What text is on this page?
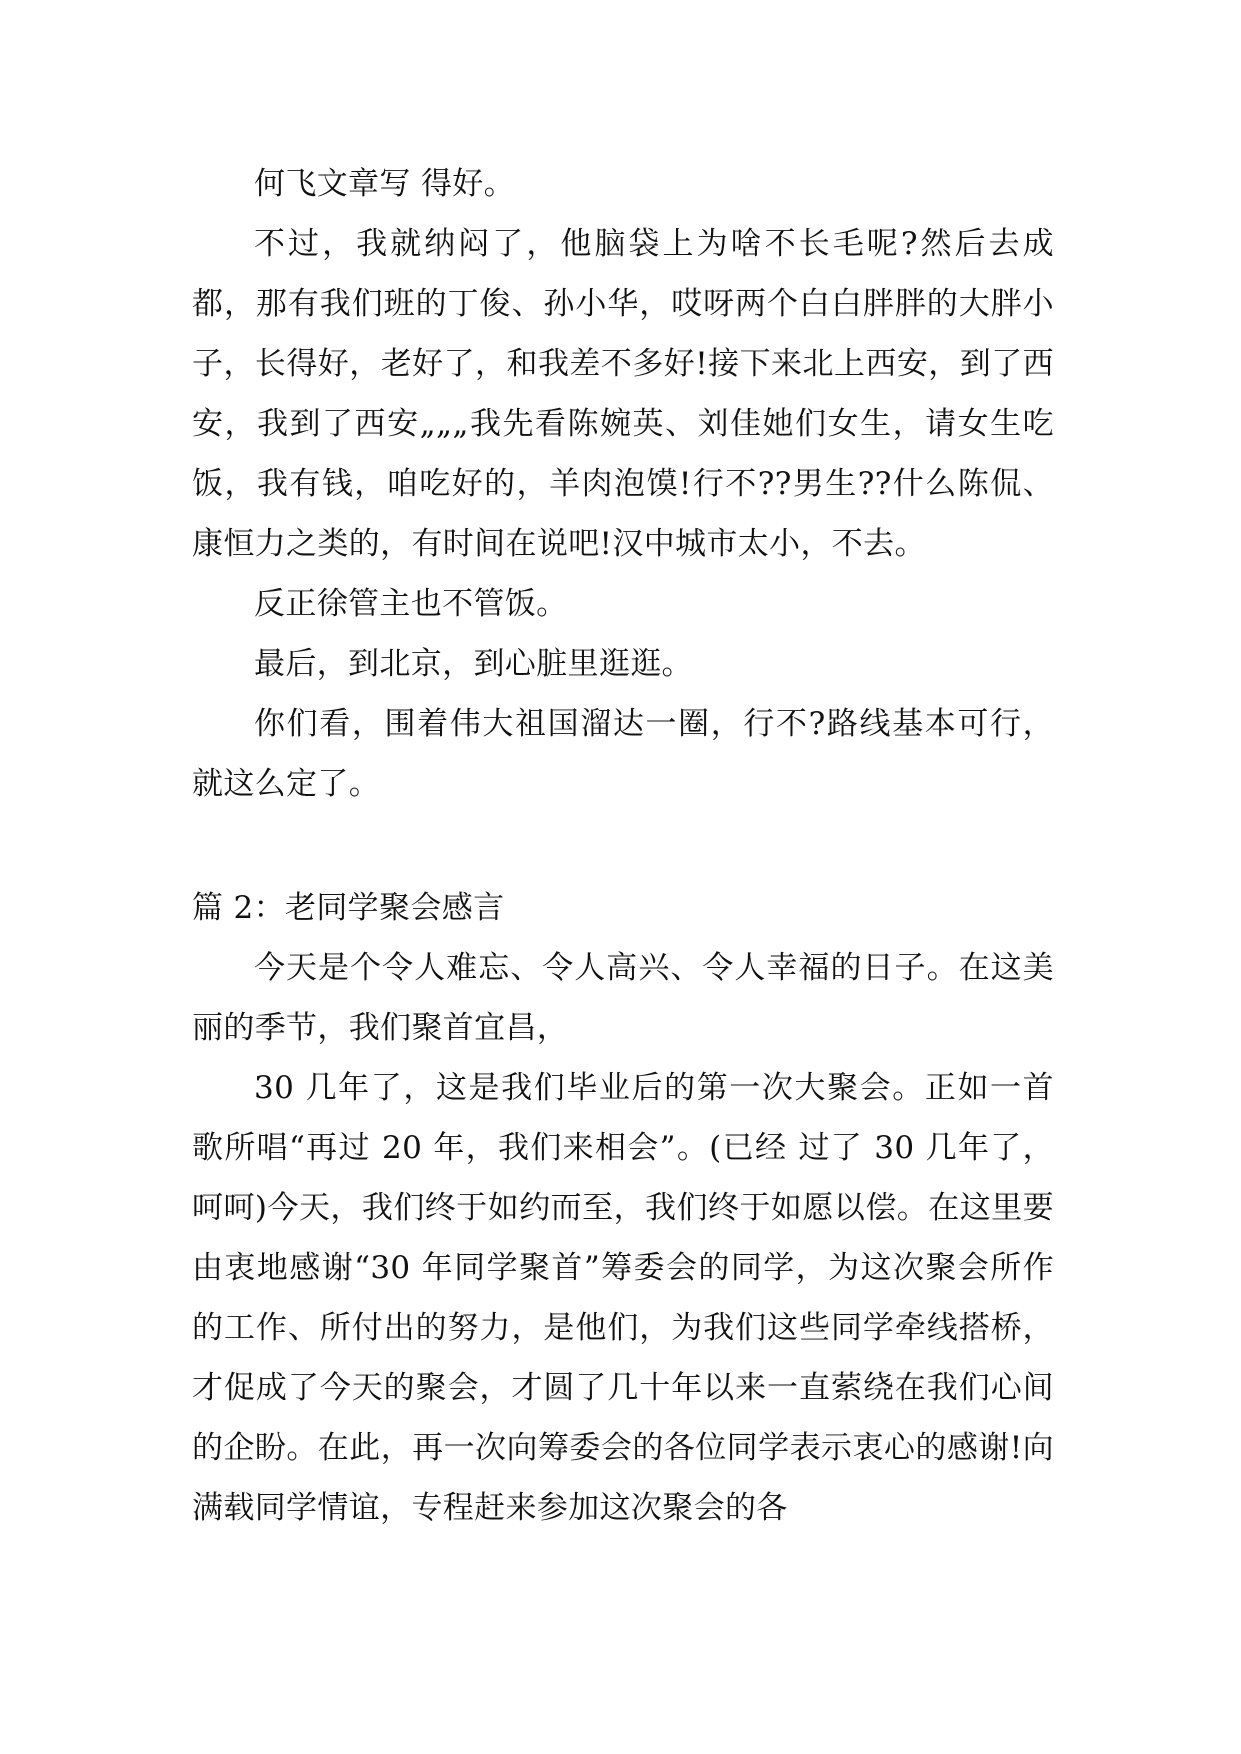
何飞文章写 得好。

不过，我就纳闷了，他脑袋上为啥不长毛呢?然后去成都，那有我们班的丁俊、孙小华，哎呀两个白白胖胖的大胖小子，长得好，老好了，和我差不多好!接下来北上西安，到了西安，我到了西安„„„我先看陈婉英、刘佳她们女生，请女生吃饭，我有钱，咱吃好的，羊肉泡馍!行不??男生??什么陈侃、康恒力之类的，有时间在说吧!汉中城市太小，不去。

反正徐管主也不管饭。

最后，到北京，到心脏里逛逛。

你们看，围着伟大祖国溜达一圈，行不?路线基本可行，就这么定了。

篇 2：老同学聚会感言

今天是个令人难忘、令人高兴、令人幸福的日子。在这美丽的季节，我们聚首宜昌，

30 几年了，这是我们毕业后的第一次大聚会。正如一首歌所唱“再过 20 年，我们来相会”。(已经 过了 30 几年了，呵呵)今天，我们终于如约而至，我们终于如愿以偿。在这里要由衷地感谢“30 年同学聚首”筹委会的同学，为这次聚会所作的工作、所付出的努力，是他们，为我们这些同学牵线搭桥，才促成了今天的聚会，才圆了几十年以来一直萦绕在我们心间的企盼。在此，再一次向筹委会的各位同学表示衷心的感谢!向满载同学情谊，专程赶来参加这次聚会的各
